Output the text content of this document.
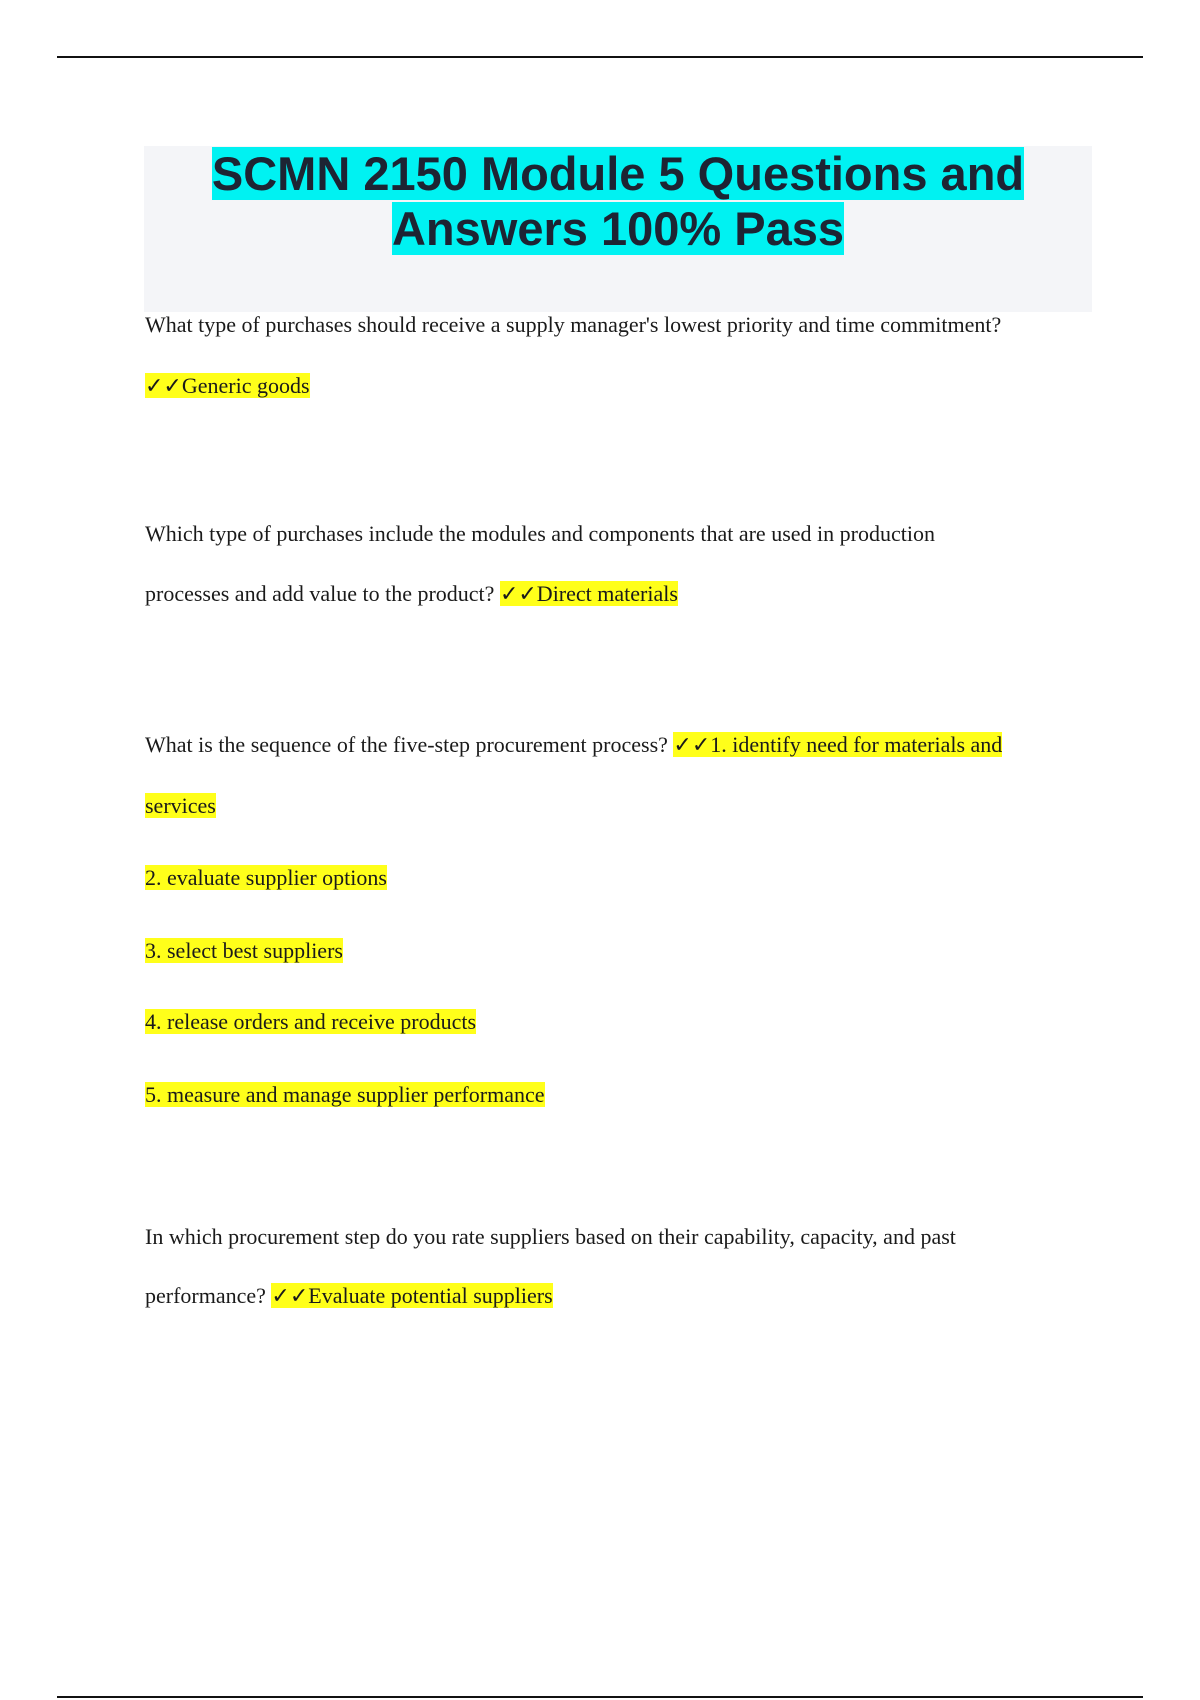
SCMN 2150 Module 5 Questions and
Answers 100% Pass

What type of purchases should receive a supply manager's lowest priority and time commitment?

✓✓Generic goods

Which type of purchases include the modules and components that are used in production

processes and add value to the product? ✓✓Direct materials

What is the sequence of the five-step procurement process? ✓✓1. identify need for materials and

services

2. evaluate supplier options

3. select best suppliers

4. release orders and receive products

5. measure and manage supplier performance

In which procurement step do you rate suppliers based on their capability, capacity, and past

performance? ✓✓Evaluate potential suppliers
